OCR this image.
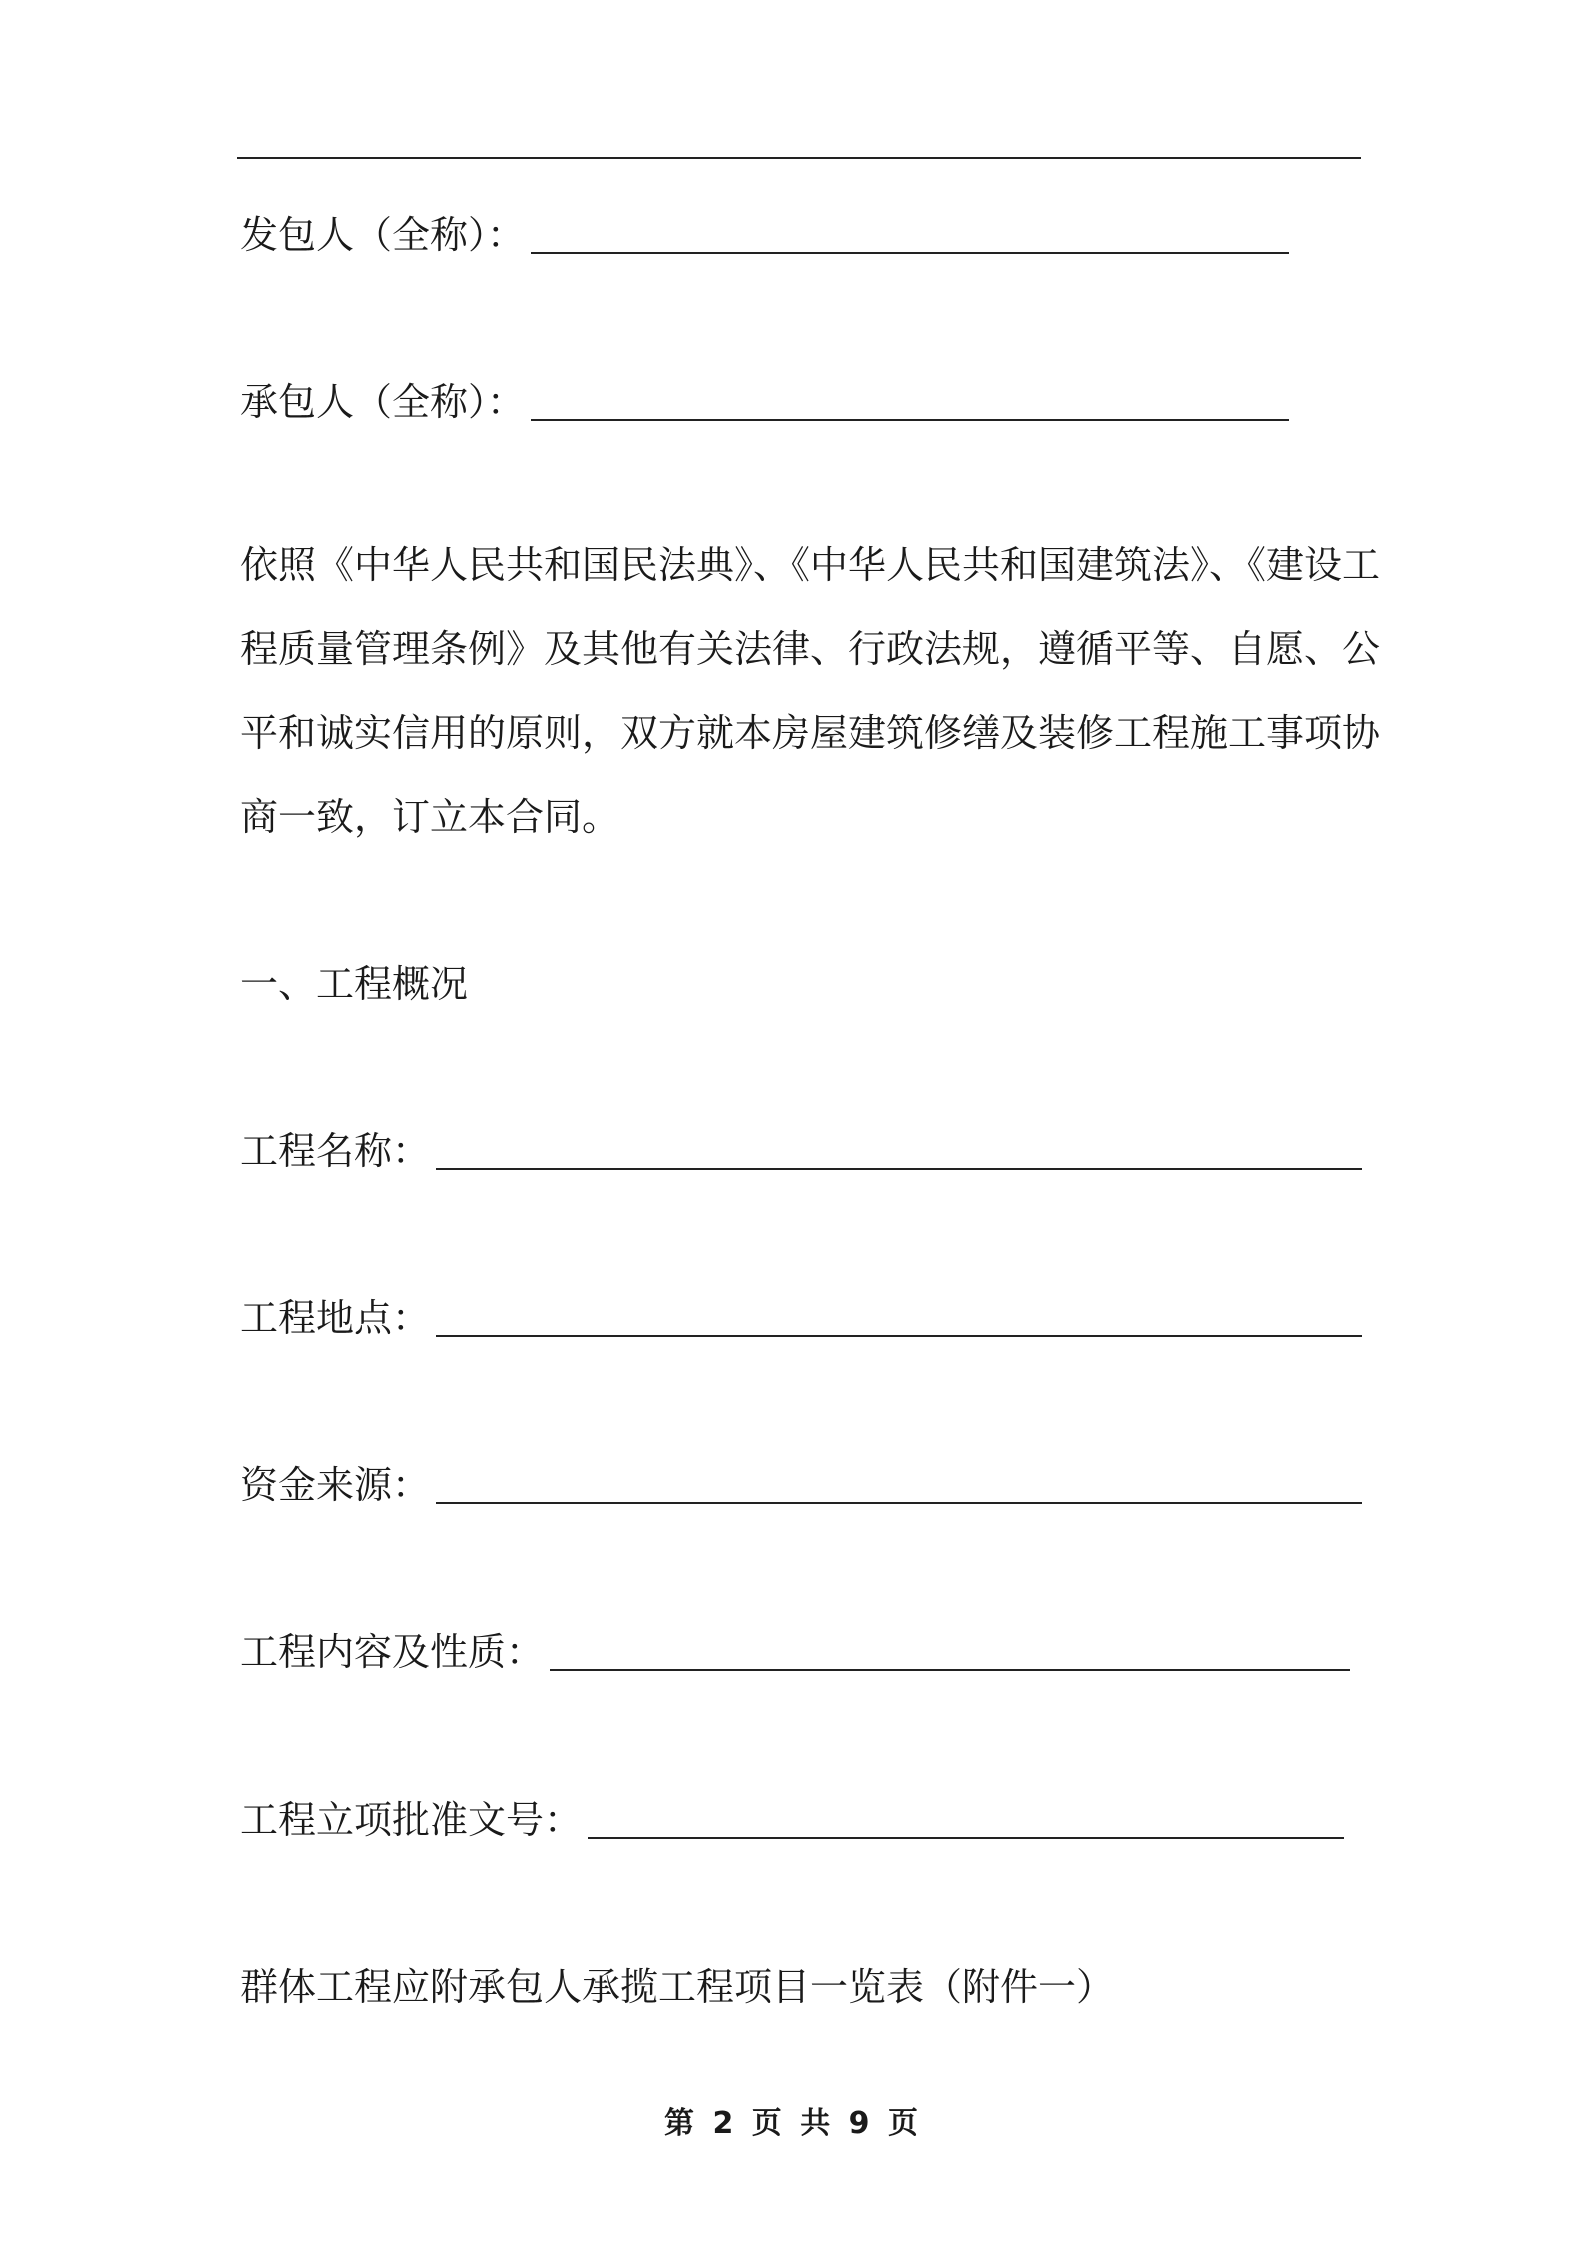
发包人（全称）：
承包人（全称）：
依照《中华人民共和国民法典》、《中华人民共和国建筑法》、《建设工
程质量管理条例》及其他有关法律、行政法规，遵循平等、自愿、公
平和诚实信用的原则，双方就本房屋建筑修缮及装修工程施工事项协
商一致，订立本合同。
一、工程概况
工程名称：
工程地点：
资金来源：
工程内容及性质：
工程立项批准文号：
群体工程应附承包人承揽工程项目一览表（附件一）
第 2 页 共 9 页
